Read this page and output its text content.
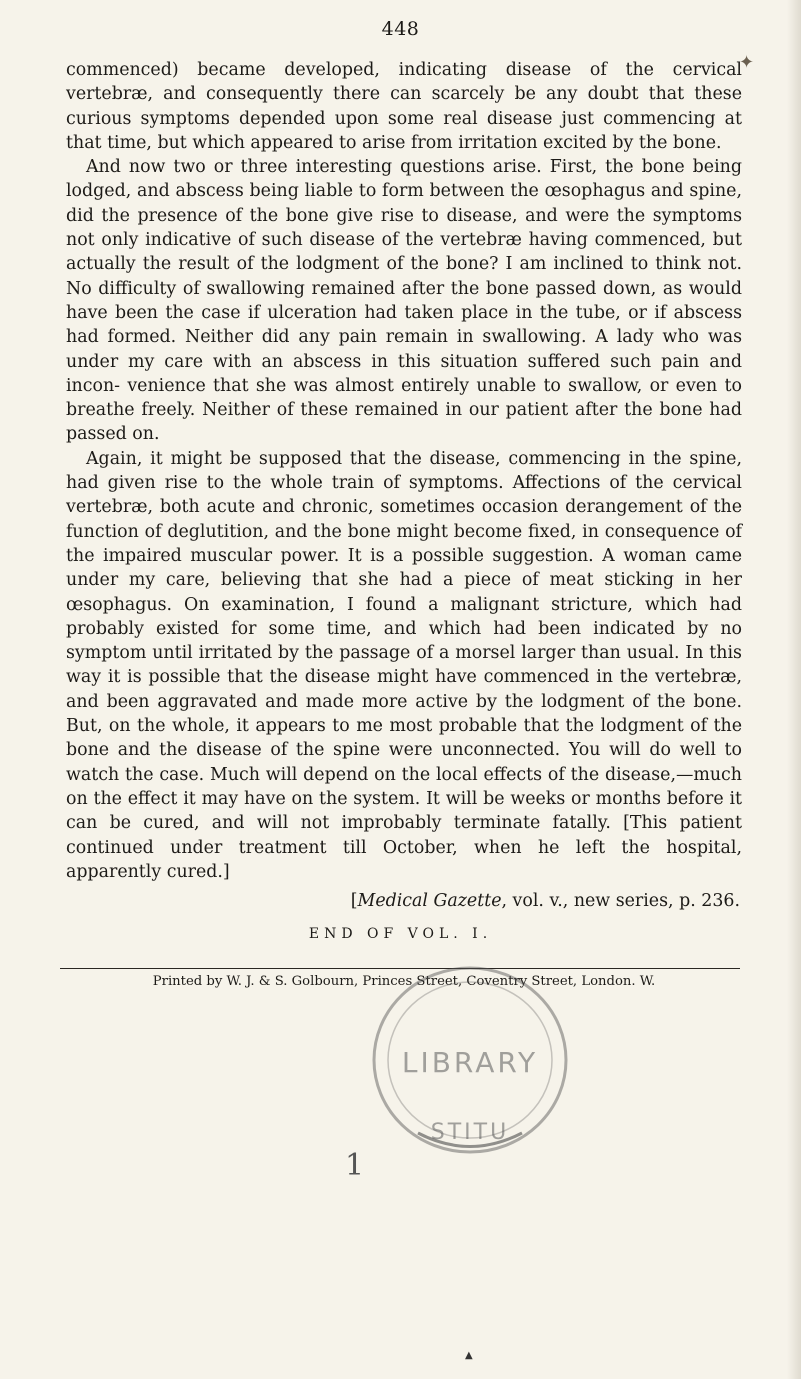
✦
448

commenced) became developed, indicating disease of the cervical vertebræ, and consequently there can scarcely be any doubt that these curious symptoms depended upon some real disease just commencing at that time, but which appeared to arise from irritation excited by the bone.

And now two or three interesting questions arise. First, the bone being lodged, and abscess being liable to form between the œsophagus and spine, did the presence of the bone give rise to disease, and were the symptoms not only indicative of such disease of the vertebræ having commenced, but actually the result of the lodgment of the bone? I am inclined to think not. No difficulty of swallowing remained after the bone passed down, as would have been the case if ulceration had taken place in the tube, or if abscess had formed. Neither did any pain remain in swallowing. A lady who was under my care with an abscess in this situation suffered such pain and incon- venience that she was almost entirely unable to swallow, or even to breathe freely. Neither of these remained in our patient after the bone had passed on.

Again, it might be supposed that the disease, commencing in the spine, had given rise to the whole train of symptoms. Affections of the cervical vertebræ, both acute and chronic, sometimes occasion derangement of the function of deglutition, and the bone might become fixed, in consequence of the impaired muscular power. It is a possible suggestion. A woman came under my care, believing that she had a piece of meat sticking in her œsophagus. On examination, I found a malignant stricture, which had probably existed for some time, and which had been indicated by no symptom until irritated by the passage of a morsel larger than usual. In this way it is possible that the disease might have commenced in the vertebræ, and been aggravated and made more active by the lodgment of the bone. But, on the whole, it appears to me most probable that the lodgment of the bone and the disease of the spine were unconnected. You will do well to watch the case. Much will depend on the local effects of the disease,—much on the effect it may have on the system. It will be weeks or months before it can be cured, and will not improbably terminate fatally. [This patient continued under treatment till October, when he left the hospital, apparently cured.]

[Medical Gazette, vol. v., new series, p. 236.
END OF VOL. I.
Printed by W. J. & S. Golbourn, Princes Street, Coventry Street, London. W.
LIBRARY
STITU
1
▲
